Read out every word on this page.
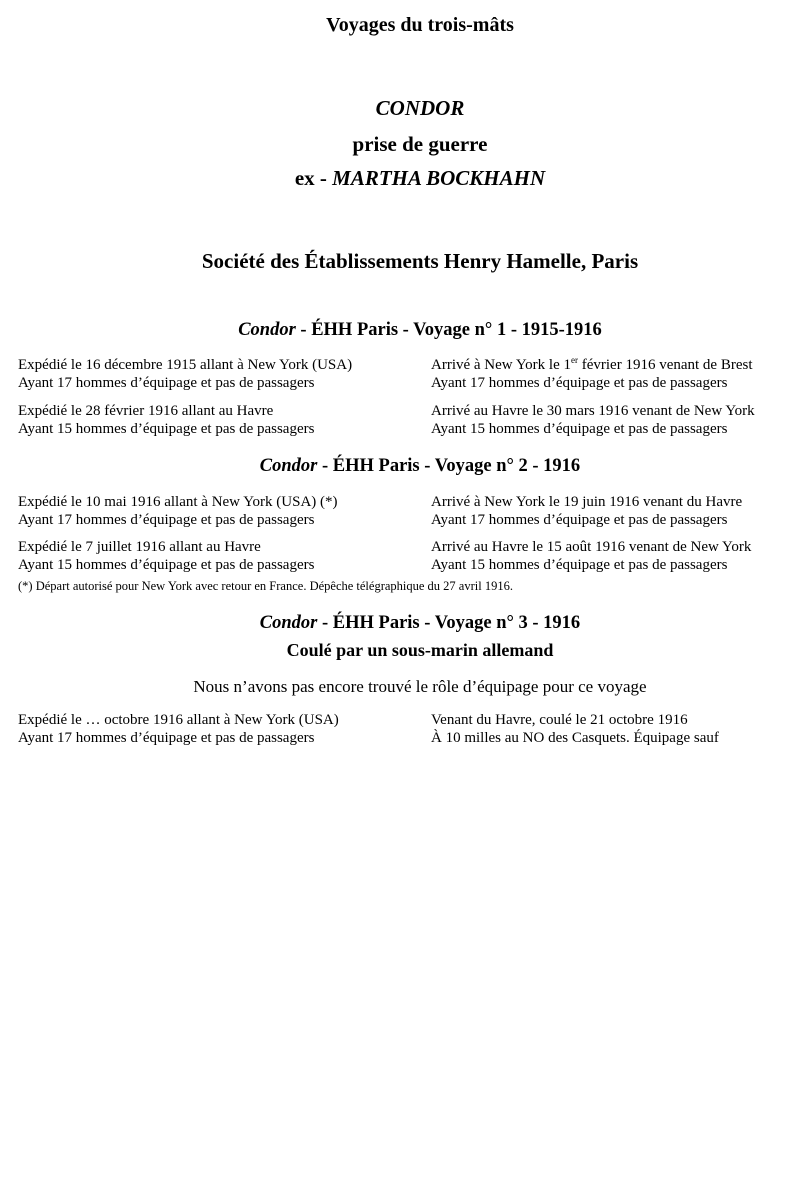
Voyages du trois-mâts
CONDOR
prise de guerre
ex - MARTHA BOCKHAHN
Société des Établissements Henry Hamelle, Paris
Condor - ÉHH Paris - Voyage n° 1 - 1915-1916
Expédié le 16 décembre 1915 allant à New York (USA)
Ayant 17 hommes d’équipage et pas de passagers
Arrivé à New York le 1er février 1916 venant de Brest
Ayant 17 hommes d’équipage et pas de passagers
Expédié le 28 février 1916 allant au Havre
Ayant 15 hommes d’équipage et pas de passagers
Arrivé au Havre le 30 mars 1916 venant de New York
Ayant 15 hommes d’équipage et pas de passagers
Condor - ÉHH Paris - Voyage n° 2 - 1916
Expédié le 10 mai 1916 allant à New York (USA) (*)
Ayant 17 hommes d’équipage et pas de passagers
Arrivé à New York le 19 juin 1916 venant du Havre
Ayant 17 hommes d’équipage et pas de passagers
Expédié le 7 juillet 1916 allant au Havre
Ayant 15 hommes d’équipage et pas de passagers
Arrivé au Havre le 15 août 1916 venant de New York
Ayant 15 hommes d’équipage et pas de passagers
(*) Départ autorisé pour New York avec retour en France. Dépêche télégraphique du 27 avril 1916.
Condor - ÉHH Paris - Voyage n° 3 - 1916
Coulé par un sous-marin allemand
Nous n’avons pas encore trouvé le rôle d’équipage pour ce voyage
Expédié le … octobre 1916 allant à New York (USA)
Ayant 17 hommes d’équipage et pas de passagers
Venant du Havre, coulé le 21 octobre 1916
À 10 milles au NO des Casquets. Équipage sauf
